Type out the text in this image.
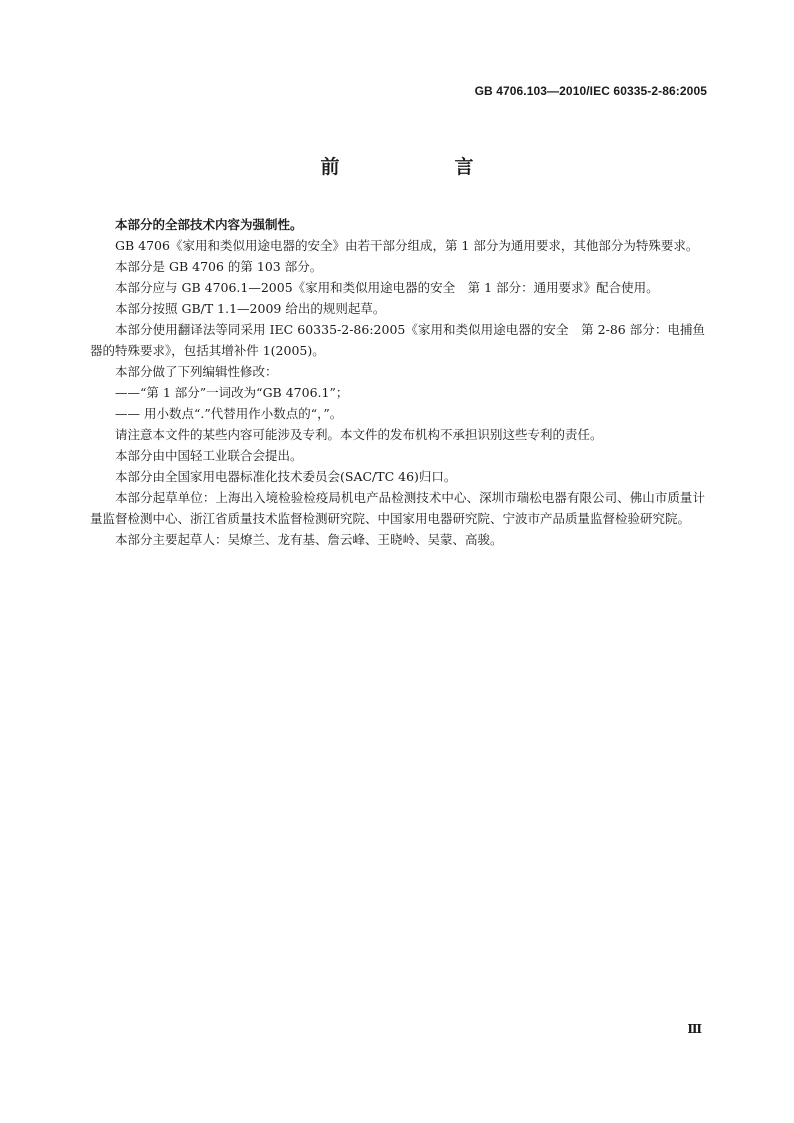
GB 4706.103—2010/IEC 60335-2-86:2005
前　言

本部分的全部技术内容为强制性。

GB 4706《家用和类似用途电器的安全》由若干部分组成，第 1 部分为通用要求，其他部分为特殊要求。

本部分是 GB 4706 的第 103 部分。

本部分应与 GB 4706.1—2005《家用和类似用途电器的安全　第 1 部分：通用要求》配合使用。

本部分按照 GB/T 1.1—2009 给出的规则起草。

本部分使用翻译法等同采用 IEC 60335-2-86:2005《家用和类似用途电器的安全　第 2-86 部分：电捕鱼器的特殊要求》，包括其增补件 1(2005)。

本部分做了下列编辑性修改：

——“第 1 部分”一词改为“GB 4706.1”；

—— 用小数点“.”代替用作小数点的“，”。

请注意本文件的某些内容可能涉及专利。本文件的发布机构不承担识别这些专利的责任。

本部分由中国轻工业联合会提出。

本部分由全国家用电器标准化技术委员会(SAC/TC 46)归口。

本部分起草单位：上海出入境检验检疫局机电产品检测技术中心、深圳市瑞松电器有限公司、佛山市质量计量监督检测中心、浙江省质量技术监督检测研究院、中国家用电器研究院、宁波市产品质量监督检验研究院。

本部分主要起草人：吴燎兰、龙有基、詹云峰、王晓岭、吴蒙、高骏。

Ⅲ
